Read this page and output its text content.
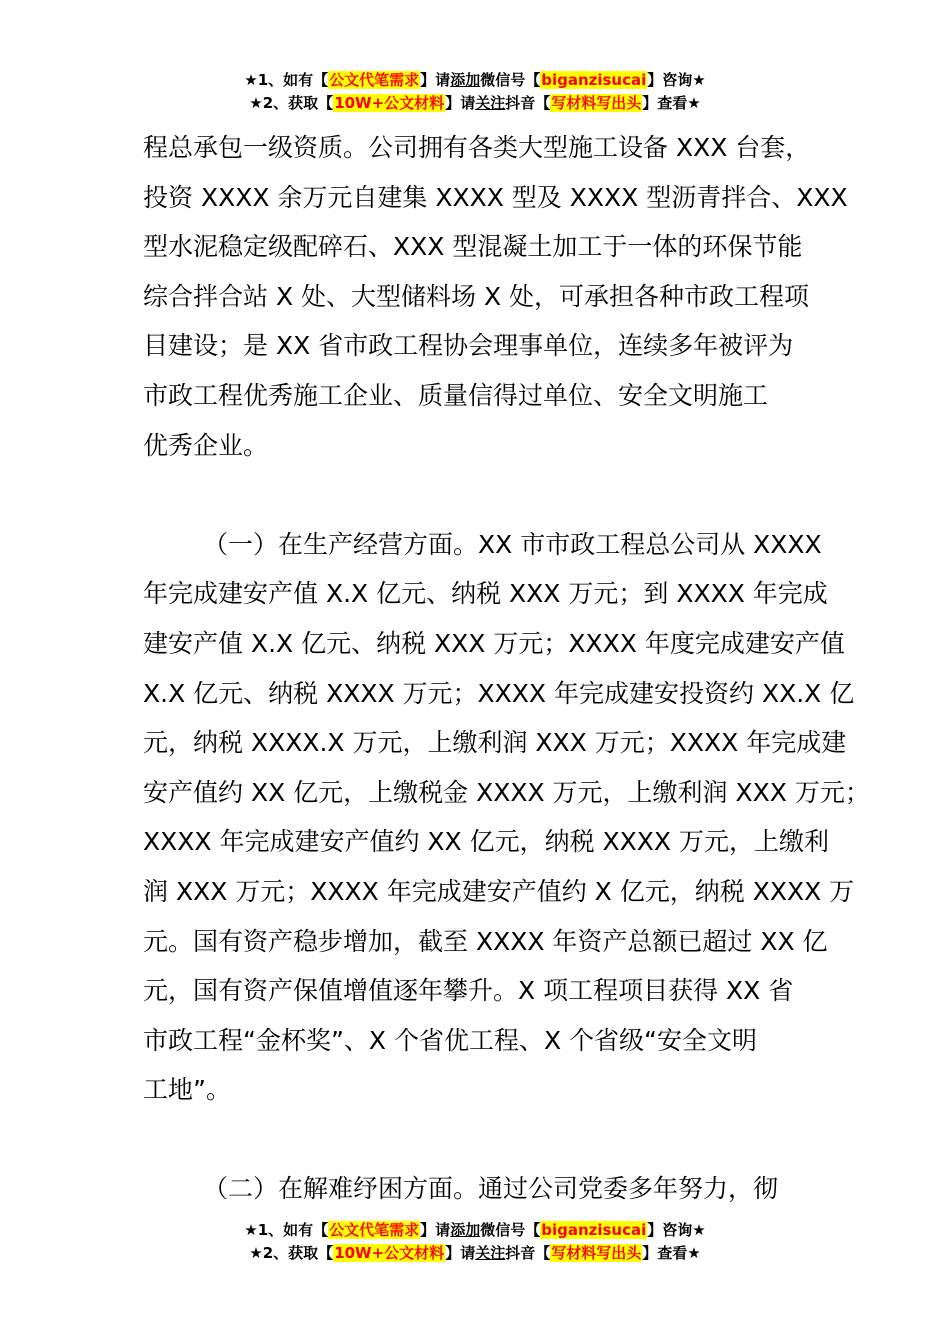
★1、如有【公文代笔需求】请添加微信号【biganzisucai】咨询★
★2、获取【10W+公文材料】请关注抖音【写材料写出头】查看★
程总承包一级资质。公司拥有各类大型施工设备 XXX 台套，
投资 XXXX 余万元自建集 XXXX 型及 XXXX 型沥青拌合、XXX
型水泥稳定级配碎石、XXX 型混凝土加工于一体的环保节能
综合拌合站 X 处、大型储料场 X 处，可承担各种市政工程项
目建设；是 XX 省市政工程协会理事单位，连续多年被评为
市政工程优秀施工企业、质量信得过单位、安全文明施工
优秀企业。
（一）在生产经营方面。XX 市市政工程总公司从 XXXX
年完成建安产值 X.X 亿元、纳税 XXX 万元；到 XXXX 年完成
建安产值 X.X 亿元、纳税 XXX 万元；XXXX 年度完成建安产值
X.X 亿元、纳税 XXXX 万元；XXXX 年完成建安投资约 XX.X 亿
元，纳税 XXXX.X 万元，上缴利润 XXX 万元；XXXX 年完成建
安产值约 XX 亿元，上缴税金 XXXX 万元，上缴利润 XXX 万元；
XXXX 年完成建安产值约 XX 亿元，纳税 XXXX 万元，上缴利
润 XXX 万元；XXXX 年完成建安产值约 X 亿元，纳税 XXXX 万
元。国有资产稳步增加，截至 XXXX 年资产总额已超过 XX 亿
元，国有资产保值增值逐年攀升。X 项工程项目获得 XX 省
市政工程“金杯奖”、X 个省优工程、X 个省级“安全文明
工地”。
（二）在解难纾困方面。通过公司党委多年努力，彻
★1、如有【公文代笔需求】请添加微信号【biganzisucai】咨询★
★2、获取【10W+公文材料】请关注抖音【写材料写出头】查看★
